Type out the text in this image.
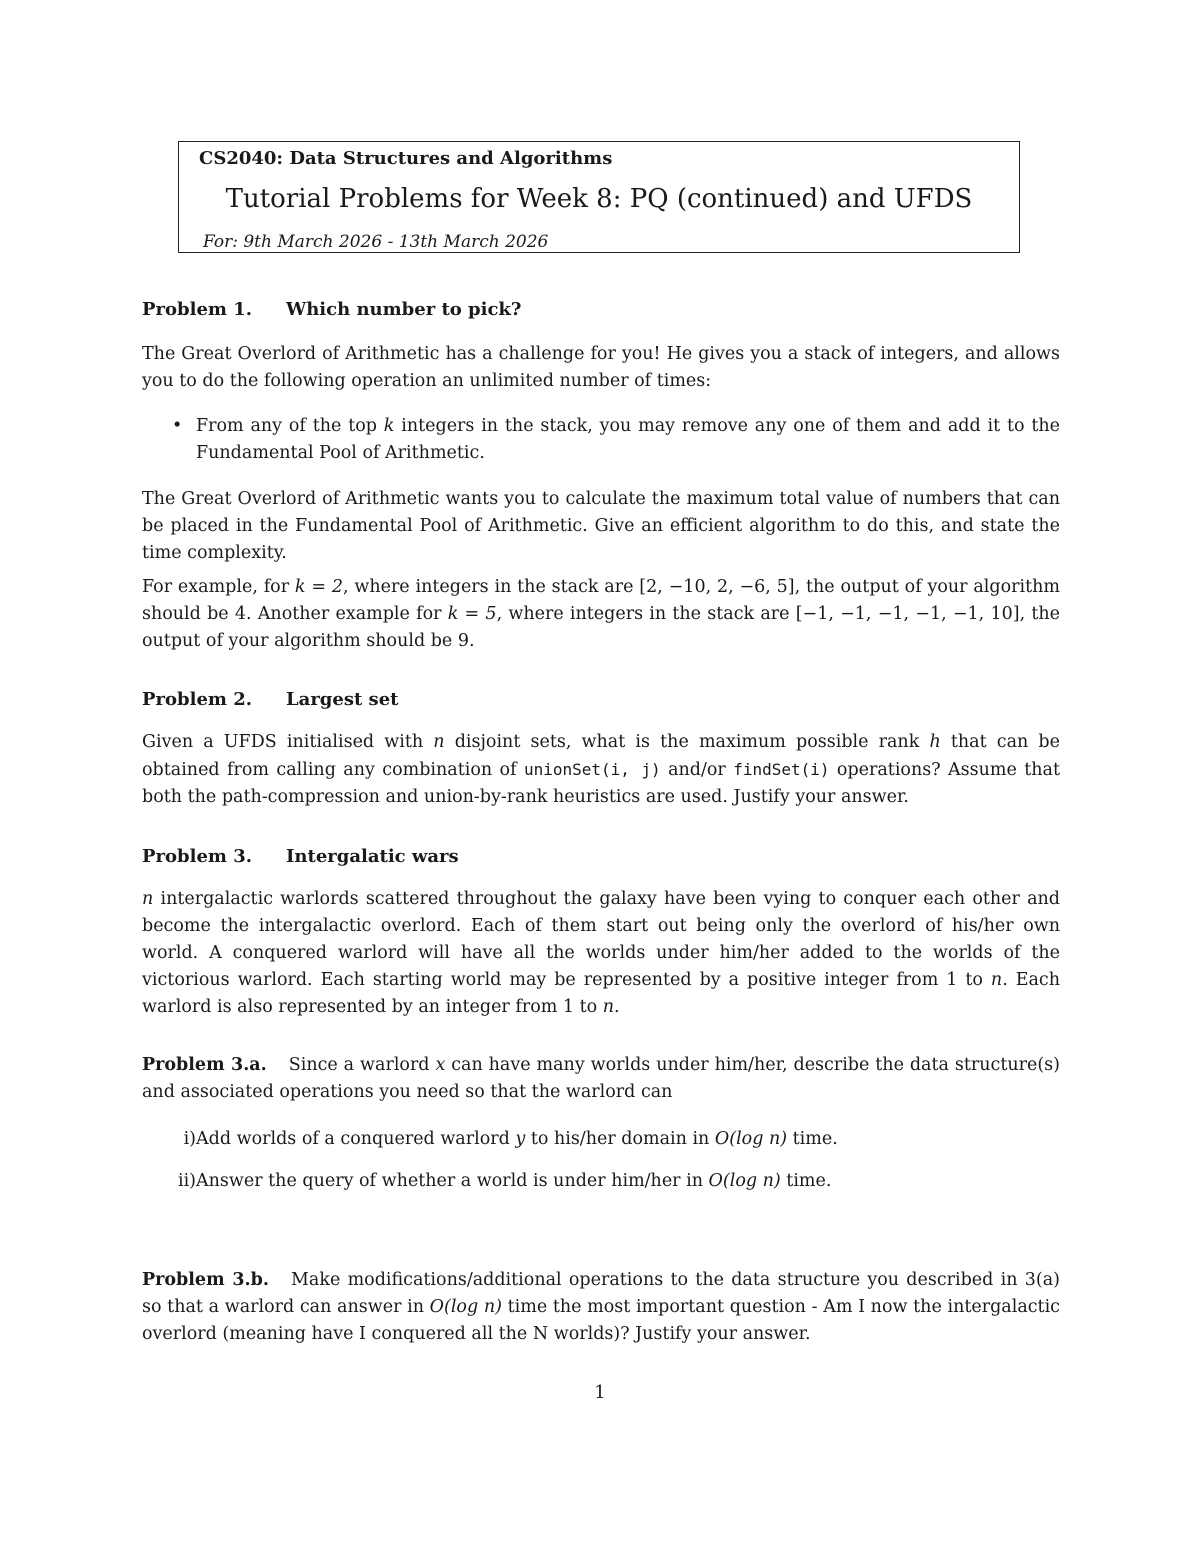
CS2040: Data Structures and Algorithms
Tutorial Problems for Week 8: PQ (continued) and UFDS
For: 9th March 2026 - 13th March 2026
Problem 1. Which number to pick?
The Great Overlord of Arithmetic has a challenge for you! He gives you a stack of integers, and allows you to do the following operation an unlimited number of times:
• From any of the top k integers in the stack, you may remove any one of them and add it to the Fundamental Pool of Arithmetic.
The Great Overlord of Arithmetic wants you to calculate the maximum total value of numbers that can be placed in the Fundamental Pool of Arithmetic. Give an efficient algorithm to do this, and state the time complexity.
For example, for k = 2, where integers in the stack are [2, −10, 2, −6, 5], the output of your algorithm should be 4. Another example for k = 5, where integers in the stack are [−1, −1, −1, −1, −1, 10], the output of your algorithm should be 9.
Problem 2. Largest set
Given a UFDS initialised with n disjoint sets, what is the maximum possible rank h that can be obtained from calling any combination of unionSet(i, j) and/or findSet(i) operations? Assume that both the path-compression and union-by-rank heuristics are used. Justify your answer.
Problem 3. Intergalatic wars
n intergalactic warlords scattered throughout the galaxy have been vying to conquer each other and become the intergalactic overlord. Each of them start out being only the overlord of his/her own world. A conquered warlord will have all the worlds under him/her added to the worlds of the victorious warlord. Each starting world may be represented by a positive integer from 1 to n. Each warlord is also represented by an integer from 1 to n.
Problem 3.a. Since a warlord x can have many worlds under him/her, describe the data structure(s) and associated operations you need so that the warlord can
i) Add worlds of a conquered warlord y to his/her domain in O(log n) time.
ii) Answer the query of whether a world is under him/her in O(log n) time.
Problem 3.b. Make modifications/additional operations to the data structure you described in 3(a) so that a warlord can answer in O(log n) time the most important question - Am I now the intergalactic overlord (meaning have I conquered all the N worlds)? Justify your answer.
1
